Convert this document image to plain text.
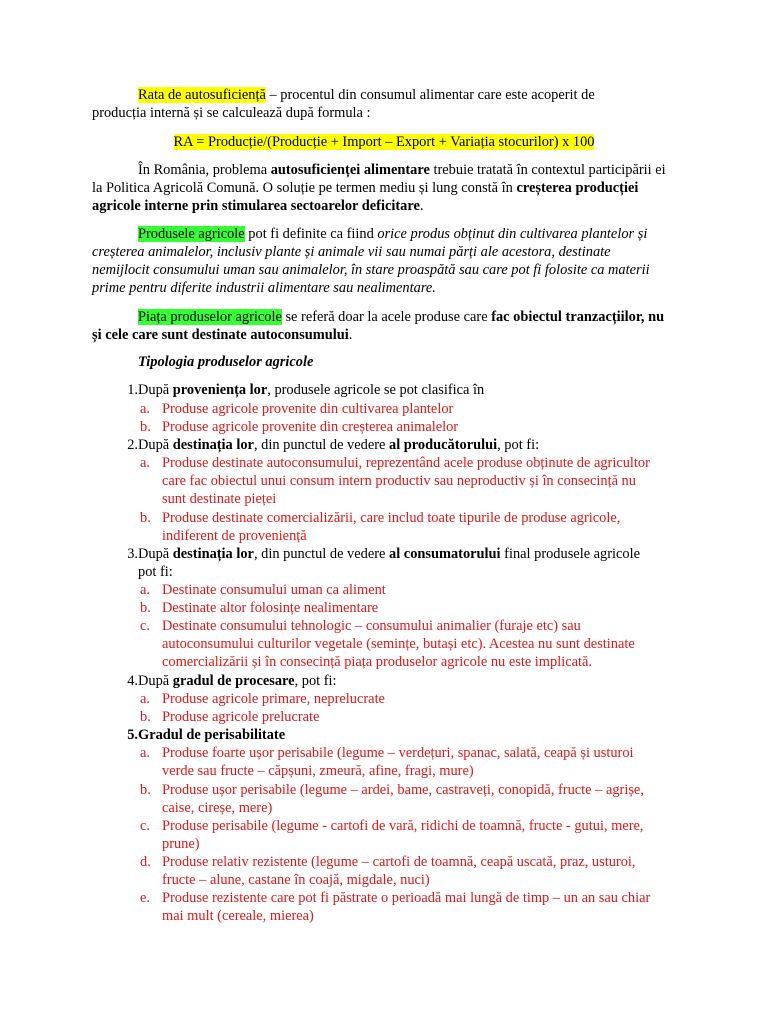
Rata de autosuficiență – procentul din consumul alimentar care este acoperit de
producția internă și se calculează după formula :

RA = Producție/(Producție + Import – Export + Variația stocurilor) x 100

În România, problema autosuficienței alimentare trebuie tratată în contextul participării ei la Politica Agricolă Comună. O soluție pe termen mediu și lung constă în creșterea producției agricole interne prin stimularea sectoarelor deficitare.

Produsele agricole pot fi definite ca fiind orice produs obținut din cultivarea plantelor și creșterea animalelor, inclusiv plante și animale vii sau numai părți ale acestora, destinate nemijlocit consumului uman sau animalelor, în stare proaspătă sau care pot fi folosite ca materii prime pentru diferite industrii alimentare sau nealimentare.

Piața produselor agricole se referă doar la acele produse care fac obiectul tranzacțiilor, nu și cele care sunt destinate autoconsumului.

Tipologia produselor agricole

1. După proveniența lor, produsele agricole se pot clasifica în

a. Produse agricole provenite din cultivarea plantelor

b. Produse agricole provenite din creșterea animalelor

2. După destinația lor, din punctul de vedere al producătorului, pot fi:

a. Produse destinate autoconsumului, reprezentând acele produse obținute de agricultor care fac obiectul unui consum intern productiv sau neproductiv și în consecință nu sunt destinate pieței

b. Produse destinate comercializării, care includ toate tipurile de produse agricole, indiferent de proveniență

3. După destinația lor, din punctul de vedere al consumatorului final produsele agricole pot fi:

a. Destinate consumului uman ca aliment

b. Destinate altor folosințe nealimentare

c. Destinate consumului tehnologic – consumului animalier (furaje etc) sau autoconsumului culturilor vegetale (semințe, butași etc). Acestea nu sunt destinate comercializării și în consecință piața produselor agricole nu este implicată.

4. După gradul de procesare, pot fi:

a. Produse agricole primare, neprelucrate

b. Produse agricole prelucrate

5. Gradul de perisabilitate

a. Produse foarte ușor perisabile (legume – verdețuri, spanac, salată, ceapă și usturoi verde sau fructe – căpșuni, zmeură, afine, fragi, mure)

b. Produse ușor perisabile (legume – ardei, bame, castraveți, conopidă, fructe – agrișe, caise, cireșe, mere)

c. Produse perisabile (legume - cartofi de vară, ridichi de toamnă, fructe - gutui, mere, prune)

d. Produse relativ rezistente (legume – cartofi de toamnă, ceapă uscată, praz, usturoi, fructe – alune, castane în coajă, migdale, nuci)

e. Produse rezistente care pot fi păstrate o perioadă mai lungă de timp – un an sau chiar mai mult (cereale, mierea)
